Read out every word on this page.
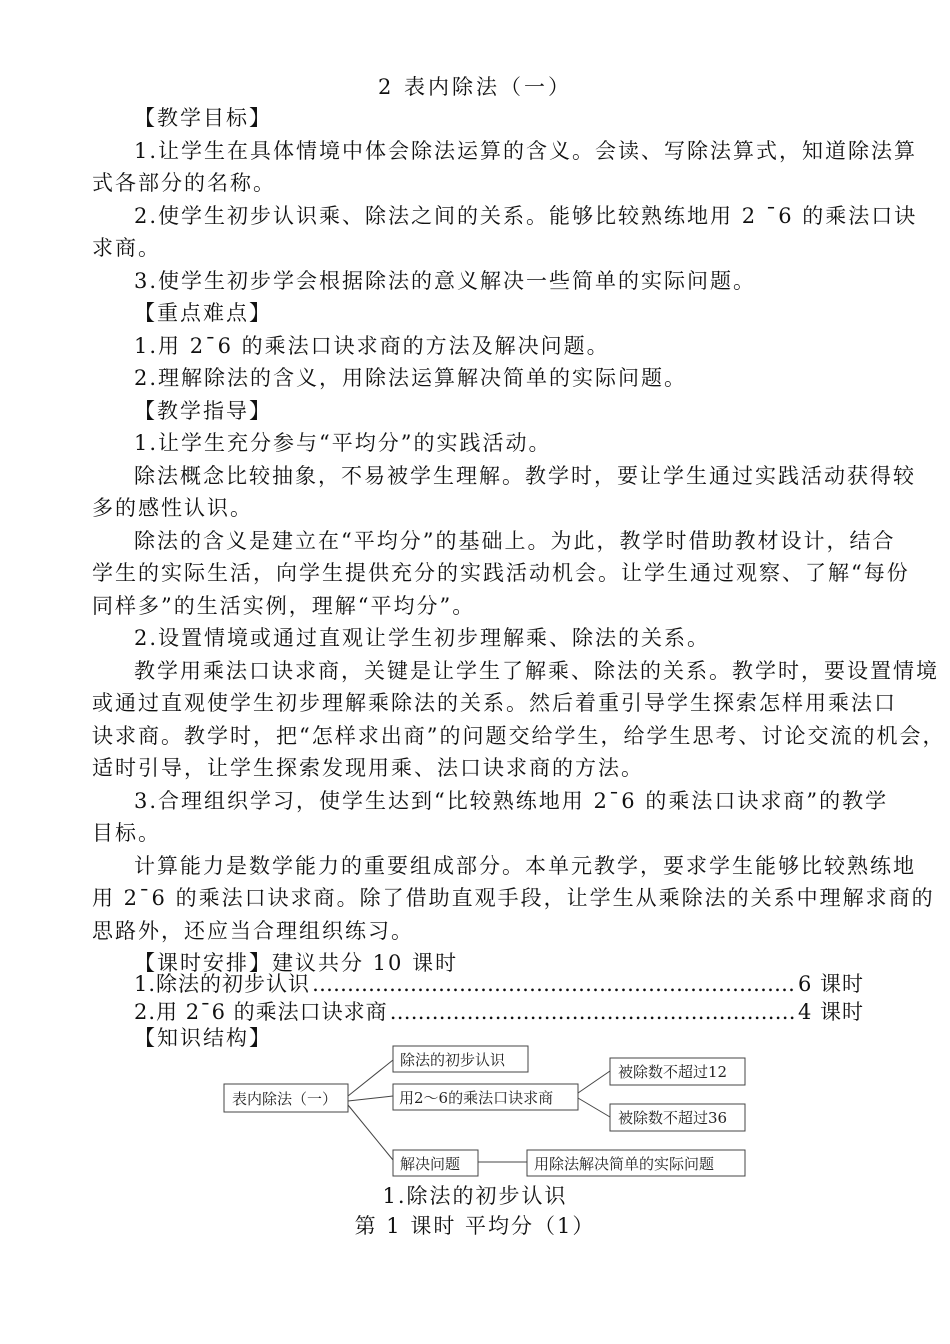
2 表内除法（一）
【教学目标】
1.让学生在具体情境中体会除法运算的含义。会读、写除法算式，知道除法算
式各部分的名称。
2.使学生初步认识乘、除法之间的关系。能够比较熟练地用 2 ¯6 的乘法口诀
求商。
3.使学生初步学会根据除法的意义解决一些简单的实际问题。
【重点难点】
1.用 2¯6 的乘法口诀求商的方法及解决问题。
2.理解除法的含义，用除法运算解决简单的实际问题。
【教学指导】
1.让学生充分参与“平均分”的实践活动。
除法概念比较抽象，不易被学生理解。教学时，要让学生通过实践活动获得较
多的感性认识。
除法的含义是建立在“平均分”的基础上。为此，教学时借助教材设计，结合
学生的实际生活，向学生提供充分的实践活动机会。让学生通过观察、了解“每份
同样多”的生活实例，理解“平均分”。
2.设置情境或通过直观让学生初步理解乘、除法的关系。
教学用乘法口诀求商，关键是让学生了解乘、除法的关系。教学时，要设置情境
或通过直观使学生初步理解乘除法的关系。然后着重引导学生探索怎样用乘法口
诀求商。教学时，把“怎样求出商”的问题交给学生，给学生思考、讨论交流的机会，
适时引导，让学生探索发现用乘、法口诀求商的方法。
3.合理组织学习，使学生达到“比较熟练地用 2¯6 的乘法口诀求商”的教学
目标。
计算能力是数学能力的重要组成部分。本单元教学，要求学生能够比较熟练地
用 2¯6 的乘法口诀求商。除了借助直观手段，让学生从乘除法的关系中理解求商的
思路外，还应当合理组织练习。
【课时安排】建议共分 10 课时
1.除法的初步认识 …………………………………………………………………………………………………………………………………………	6 课时
2.用 2¯6 的乘法口诀求商 …………………………………………………………………………………………………………………………………………	4 课时
【知识结构】
表内除法（一）
除法的初步认识
用2～6的乘法口诀求商
被除数不超过12
被除数不超过36
解决问题	用除法解决简单的实际问题
1.除法的初步认识
第 1 课时 平均分（1）
